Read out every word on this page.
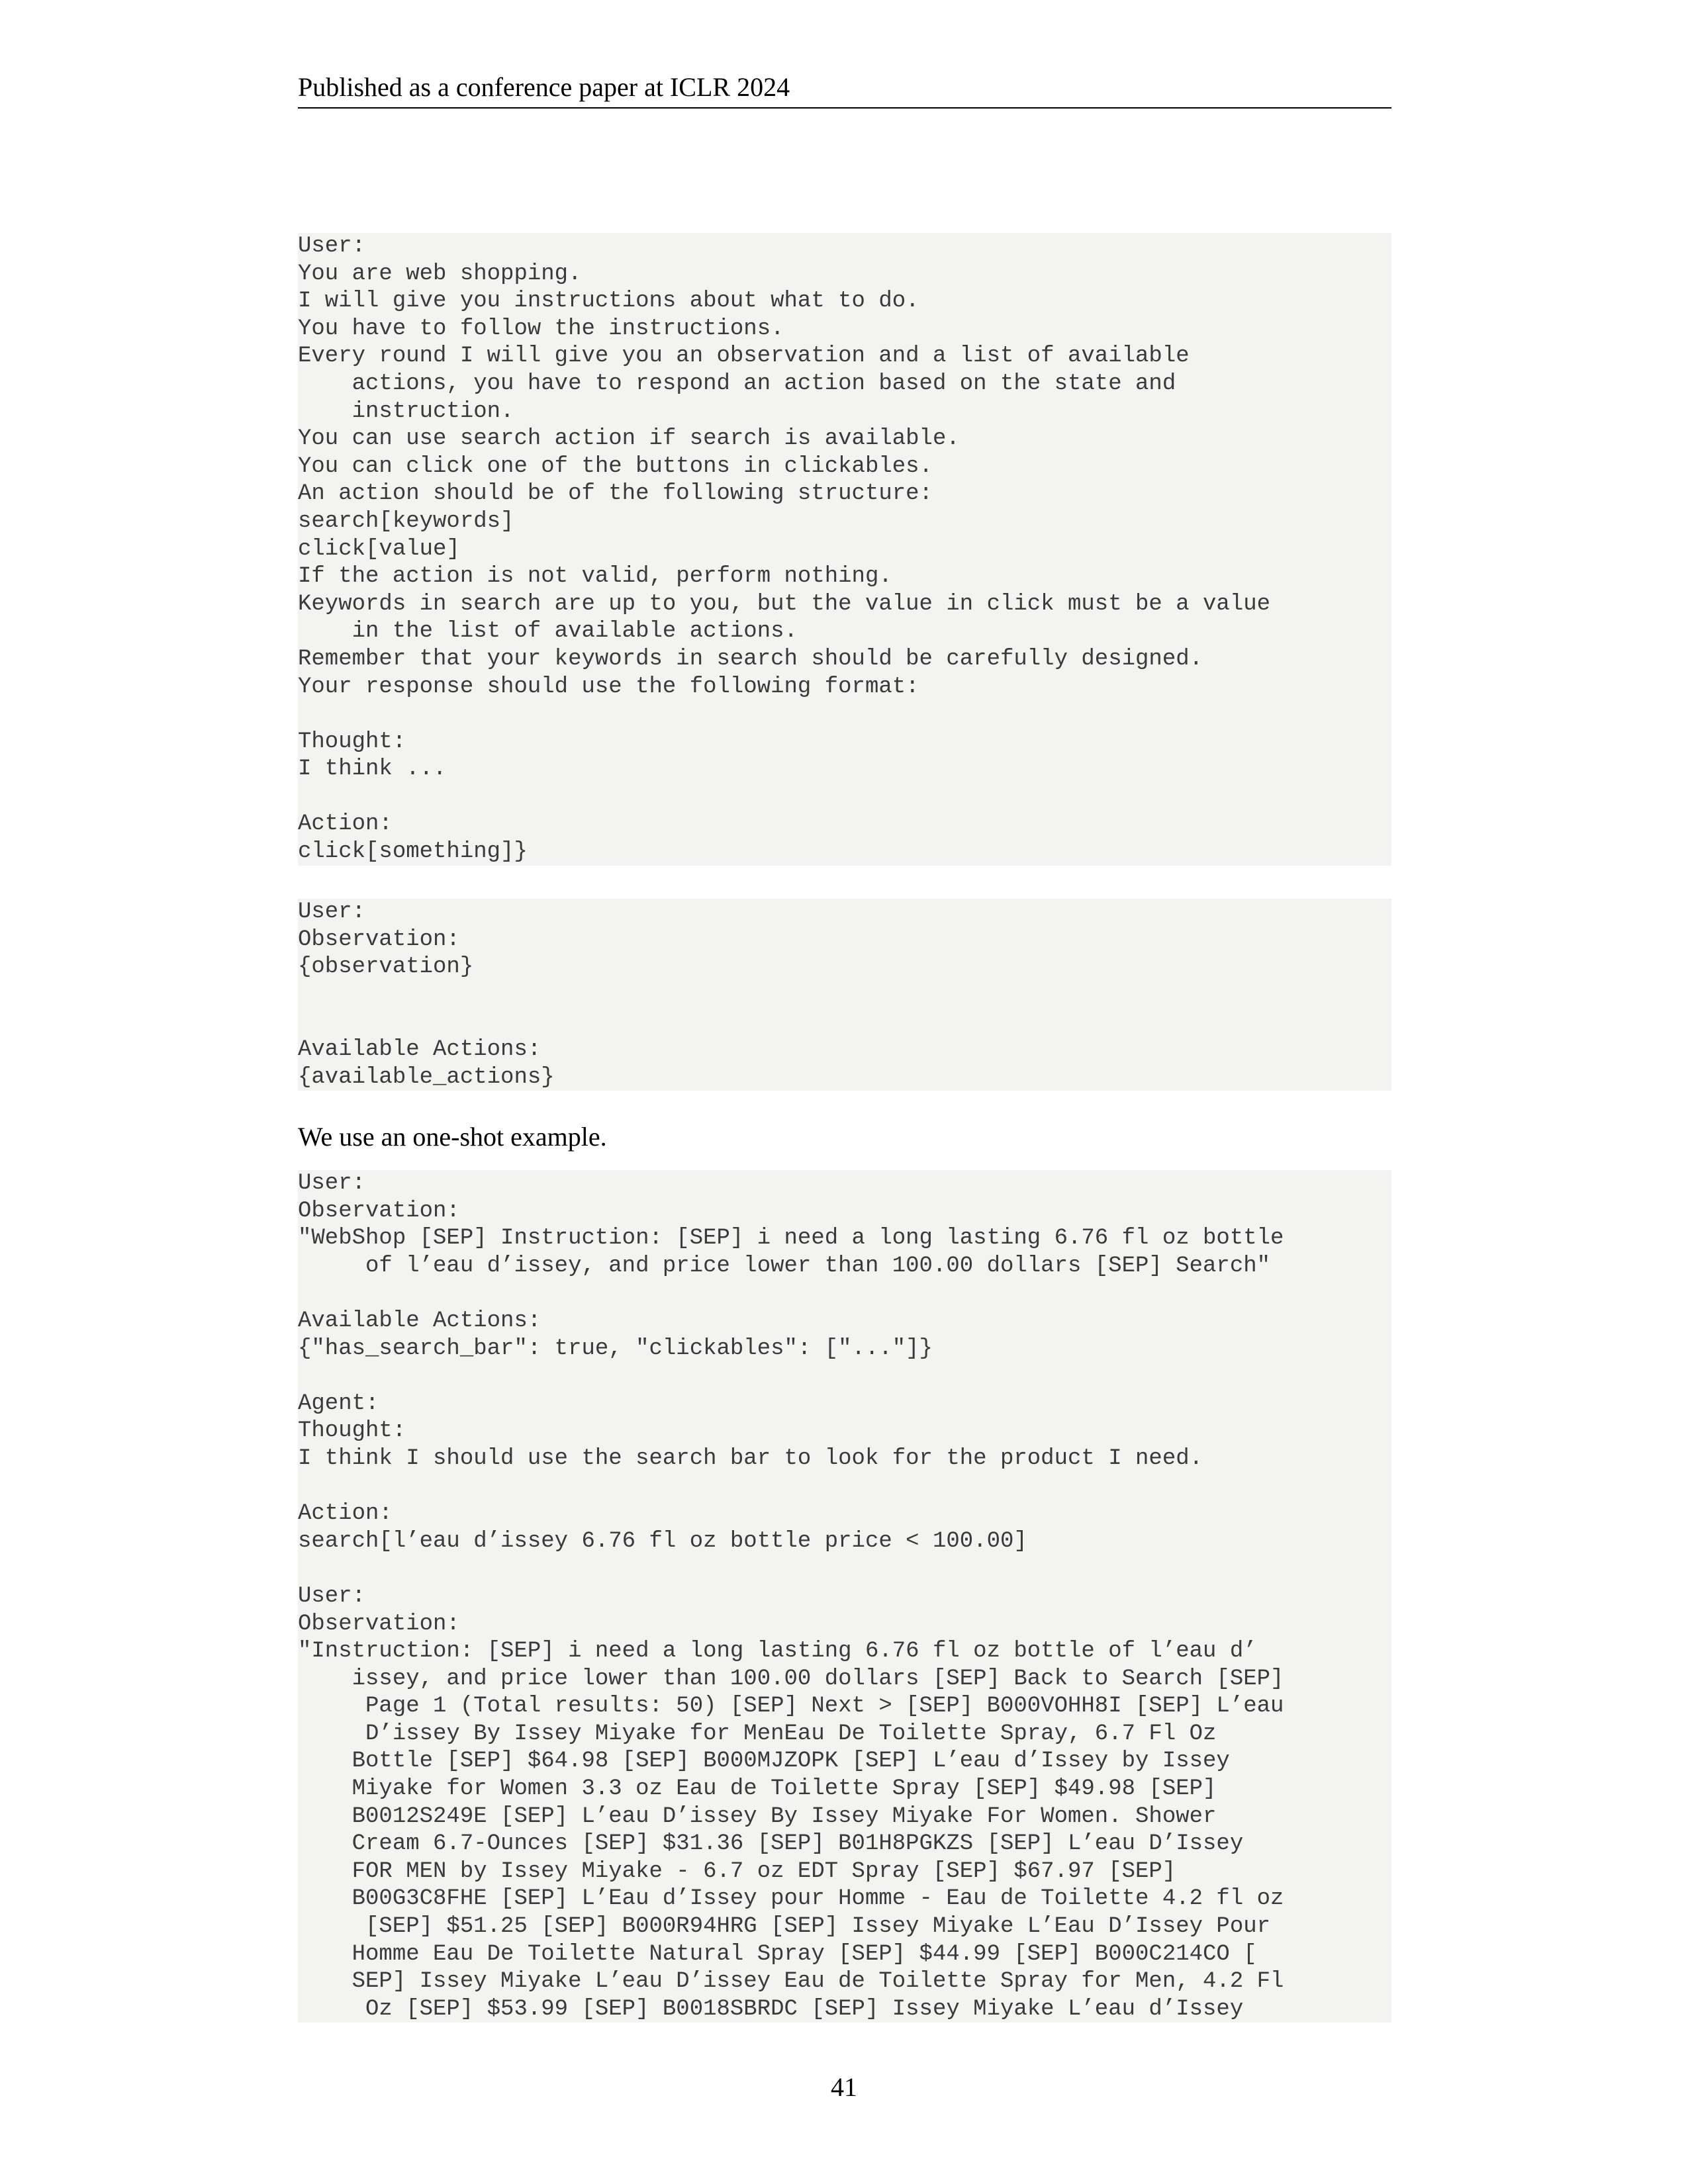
Published as a conference paper at ICLR 2024
User:
You are web shopping.
I will give you instructions about what to do.
You have to follow the instructions.
Every round I will give you an observation and a list of available
actions, you have to respond an action based on the state and
instruction.
You can use search action if search is available.
You can click one of the buttons in clickables.
An action should be of the following structure:
search[keywords]
click[value]
If the action is not valid, perform nothing.
Keywords in search are up to you, but the value in click must be a value
in the list of available actions.
Remember that your keywords in search should be carefully designed.
Your response should use the following format:

Thought:
I think ...

Action:
click[something]}
User:
Observation:
{observation}

Available Actions:
{available_actions}
We use an one-shot example.
User:
Observation:
"WebShop [SEP] Instruction: [SEP] i need a long lasting 6.76 fl oz bottle
of l’eau d’issey, and price lower than 100.00 dollars [SEP] Search"

Available Actions:
{"has_search_bar": true, "clickables": ["..."]}

Agent:
Thought:
I think I should use the search bar to look for the product I need.

Action:
search[l’eau d’issey 6.76 fl oz bottle price < 100.00]

User:
Observation:
"Instruction: [SEP] i need a long lasting 6.76 fl oz bottle of l’eau d’
issey, and price lower than 100.00 dollars [SEP] Back to Search [SEP]
Page 1 (Total results: 50) [SEP] Next > [SEP] B000VOHH8I [SEP] L’eau
D’issey By Issey Miyake for MenEau De Toilette Spray, 6.7 Fl Oz
Bottle [SEP] $64.98 [SEP] B000MJZOPK [SEP] L’eau d’Issey by Issey
Miyake for Women 3.3 oz Eau de Toilette Spray [SEP] $49.98 [SEP]
B0012S249E [SEP] L’eau D’issey By Issey Miyake For Women. Shower
Cream 6.7-Ounces [SEP] $31.36 [SEP] B01H8PGKZS [SEP] L’eau D’Issey
FOR MEN by Issey Miyake - 6.7 oz EDT Spray [SEP] $67.97 [SEP]
B00G3C8FHE [SEP] L’Eau d’Issey pour Homme - Eau de Toilette 4.2 fl oz
[SEP] $51.25 [SEP] B000R94HRG [SEP] Issey Miyake L’Eau D’Issey Pour
Homme Eau De Toilette Natural Spray [SEP] $44.99 [SEP] B000C214CO [
SEP] Issey Miyake L’eau D’issey Eau de Toilette Spray for Men, 4.2 Fl
Oz [SEP] $53.99 [SEP] B0018SBRDC [SEP] Issey Miyake L’eau d’Issey
41
